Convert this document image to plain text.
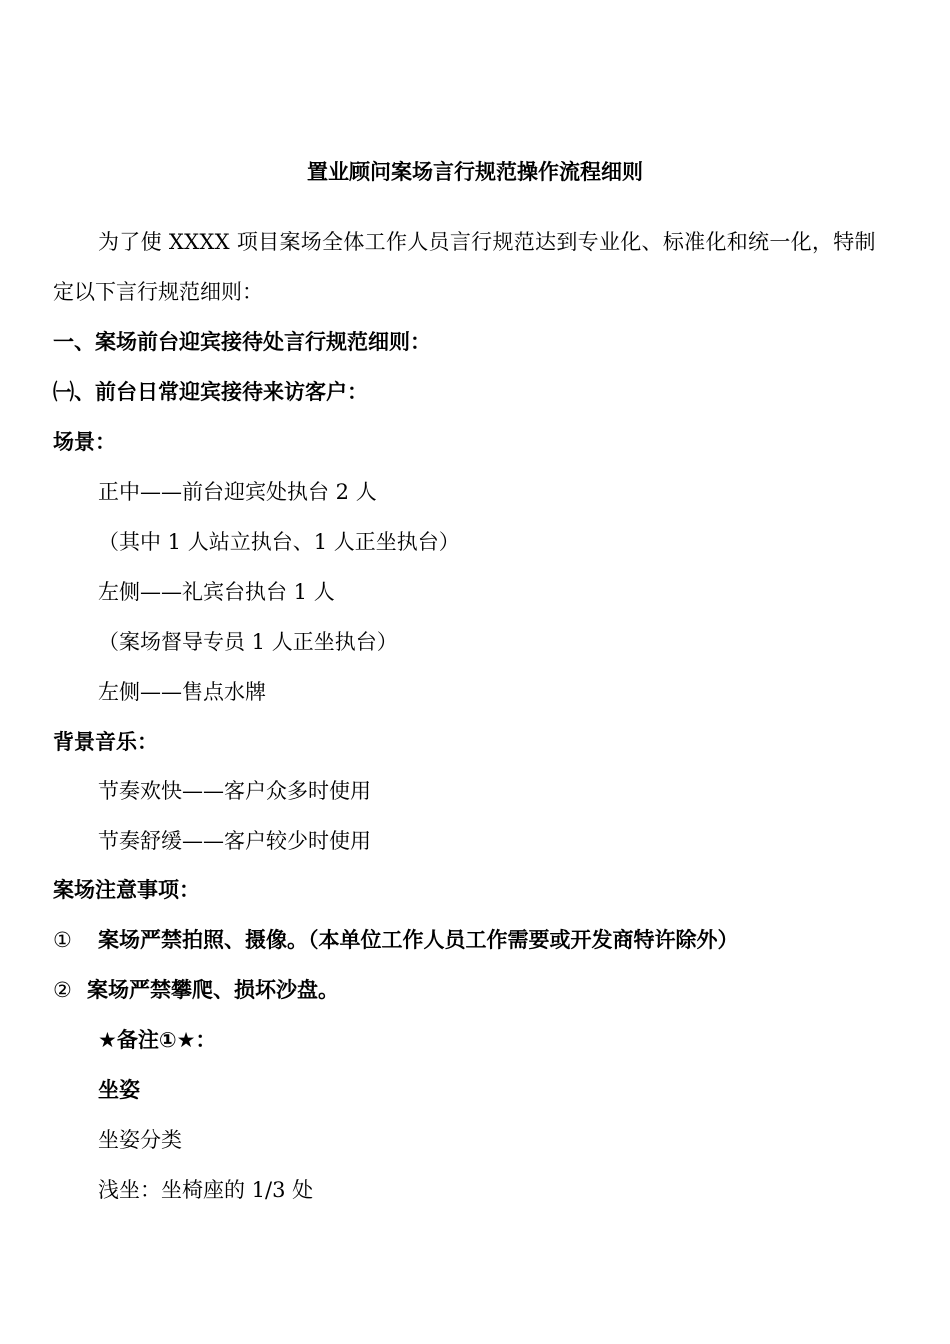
置业顾问案场言行规范操作流程细则
为了使 XXXX 项目案场全体工作人员言行规范达到专业化、标准化和统一化，特制
定以下言行规范细则：
一、案场前台迎宾接待处言行规范细则：
㈠、前台日常迎宾接待来访客户：
场景：
正中——前台迎宾处执台 2 人
（其中 1 人站立执台、1 人正坐执台）
左侧——礼宾台执台 1 人
（案场督导专员 1 人正坐执台）
左侧——售点水牌
背景音乐：
节奏欢快——客户众多时使用
节奏舒缓——客户较少时使用
案场注意事项：
① 案场严禁拍照、摄像。（本单位工作人员工作需要或开发商特许除外）
② 案场严禁攀爬、损坏沙盘。
★备注①★：
坐姿
坐姿分类
浅坐：坐椅座的 1/3 处
